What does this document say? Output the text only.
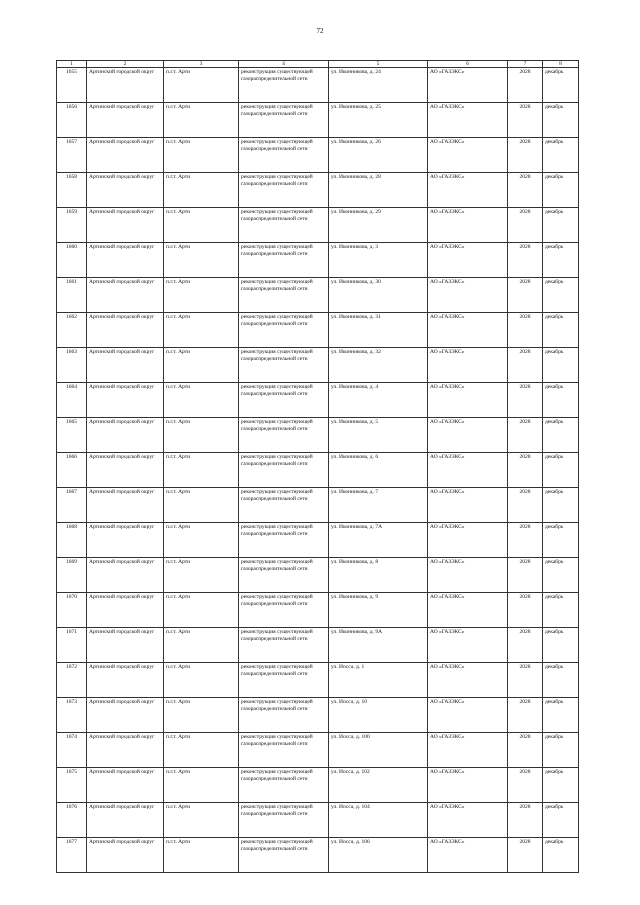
72
1	2	3	4	5	6	7	8
1655	Артинский городской округ	п.г.т. Арти	реконструкция существующей газораспределительной сети	ул. Иконникова, д. 24	АО «ГАЗЭКС»	2028	декабрь
1656	Артинский городской округ	п.г.т. Арти	реконструкция существующей газораспределительной сети	ул. Иконникова, д. 25	АО «ГАЗЭКС»	2028	декабрь
1657	Артинский городской округ	п.г.т. Арти	реконструкция существующей газораспределительной сети	ул. Иконникова, д. 26	АО «ГАЗЭКС»	2028	декабрь
1658	Артинский городской округ	п.г.т. Арти	реконструкция существующей газораспределительной сети	ул. Иконникова, д. 28	АО «ГАЗЭКС»	2028	декабрь
1659	Артинский городской округ	п.г.т. Арти	реконструкция существующей газораспределительной сети	ул. Иконникова, д. 29	АО «ГАЗЭКС»	2028	декабрь
1660	Артинский городской округ	п.г.т. Арти	реконструкция существующей газораспределительной сети	ул. Иконникова, д. 3	АО «ГАЗЭКС»	2028	декабрь
1661	Артинский городской округ	п.г.т. Арти	реконструкция существующей газораспределительной сети	ул. Иконникова, д. 30	АО «ГАЗЭКС»	2028	декабрь
1662	Артинский городской округ	п.г.т. Арти	реконструкция существующей газораспределительной сети	ул. Иконникова, д. 31	АО «ГАЗЭКС»	2028	декабрь
1663	Артинский городской округ	п.г.т. Арти	реконструкция существующей газораспределительной сети	ул. Иконникова, д. 32	АО «ГАЗЭКС»	2028	декабрь
1664	Артинский городской округ	п.г.т. Арти	реконструкция существующей газораспределительной сети	ул. Иконникова, д. 4	АО «ГАЗЭКС»	2028	декабрь
1665	Артинский городской округ	п.г.т. Арти	реконструкция существующей газораспределительной сети	ул. Иконникова, д. 5	АО «ГАЗЭКС»	2028	декабрь
1666	Артинский городской округ	п.г.т. Арти	реконструкция существующей газораспределительной сети	ул. Иконникова, д. 6	АО «ГАЗЭКС»	2028	декабрь
1667	Артинский городской округ	п.г.т. Арти	реконструкция существующей газораспределительной сети	ул. Иконникова, д. 7	АО «ГАЗЭКС»	2028	декабрь
1668	Артинский городской округ	п.г.т. Арти	реконструкция существующей газораспределительной сети	ул. Иконникова, д. 7А	АО «ГАЗЭКС»	2028	декабрь
1669	Артинский городской округ	п.г.т. Арти	реконструкция существующей газораспределительной сети	ул. Иконникова, д. 8	АО «ГАЗЭКС»	2028	декабрь
1670	Артинский городской округ	п.г.т. Арти	реконструкция существующей газораспределительной сети	ул. Иконникова, д. 9	АО «ГАЗЭКС»	2028	декабрь
1671	Артинский городской округ	п.г.т. Арти	реконструкция существующей газораспределительной сети	ул. Иконникова, д. 9А	АО «ГАЗЭКС»	2028	декабрь
1672	Артинский городской округ	п.г.т. Арти	реконструкция существующей газораспределительной сети	ул. Иосса, д. 1	АО «ГАЗЭКС»	2028	декабрь
1673	Артинский городской округ	п.г.т. Арти	реконструкция существующей газораспределительной сети	ул. Иосса, д. 10	АО «ГАЗЭКС»	2028	декабрь
1674	Артинский городской округ	п.г.т. Арти	реконструкция существующей газораспределительной сети	ул. Иосса, д. 100	АО «ГАЗЭКС»	2028	декабрь
1675	Артинский городской округ	п.г.т. Арти	реконструкция существующей газораспределительной сети	ул. Иосса, д. 102	АО «ГАЗЭКС»	2028	декабрь
1676	Артинский городской округ	п.г.т. Арти	реконструкция существующей газораспределительной сети	ул. Иосса, д. 104	АО «ГАЗЭКС»	2028	декабрь
1677	Артинский городской округ	п.г.т. Арти	реконструкция существующей газораспределительной сети	ул. Иосса, д. 106	АО «ГАЗЭКС»	2028	декабрь
